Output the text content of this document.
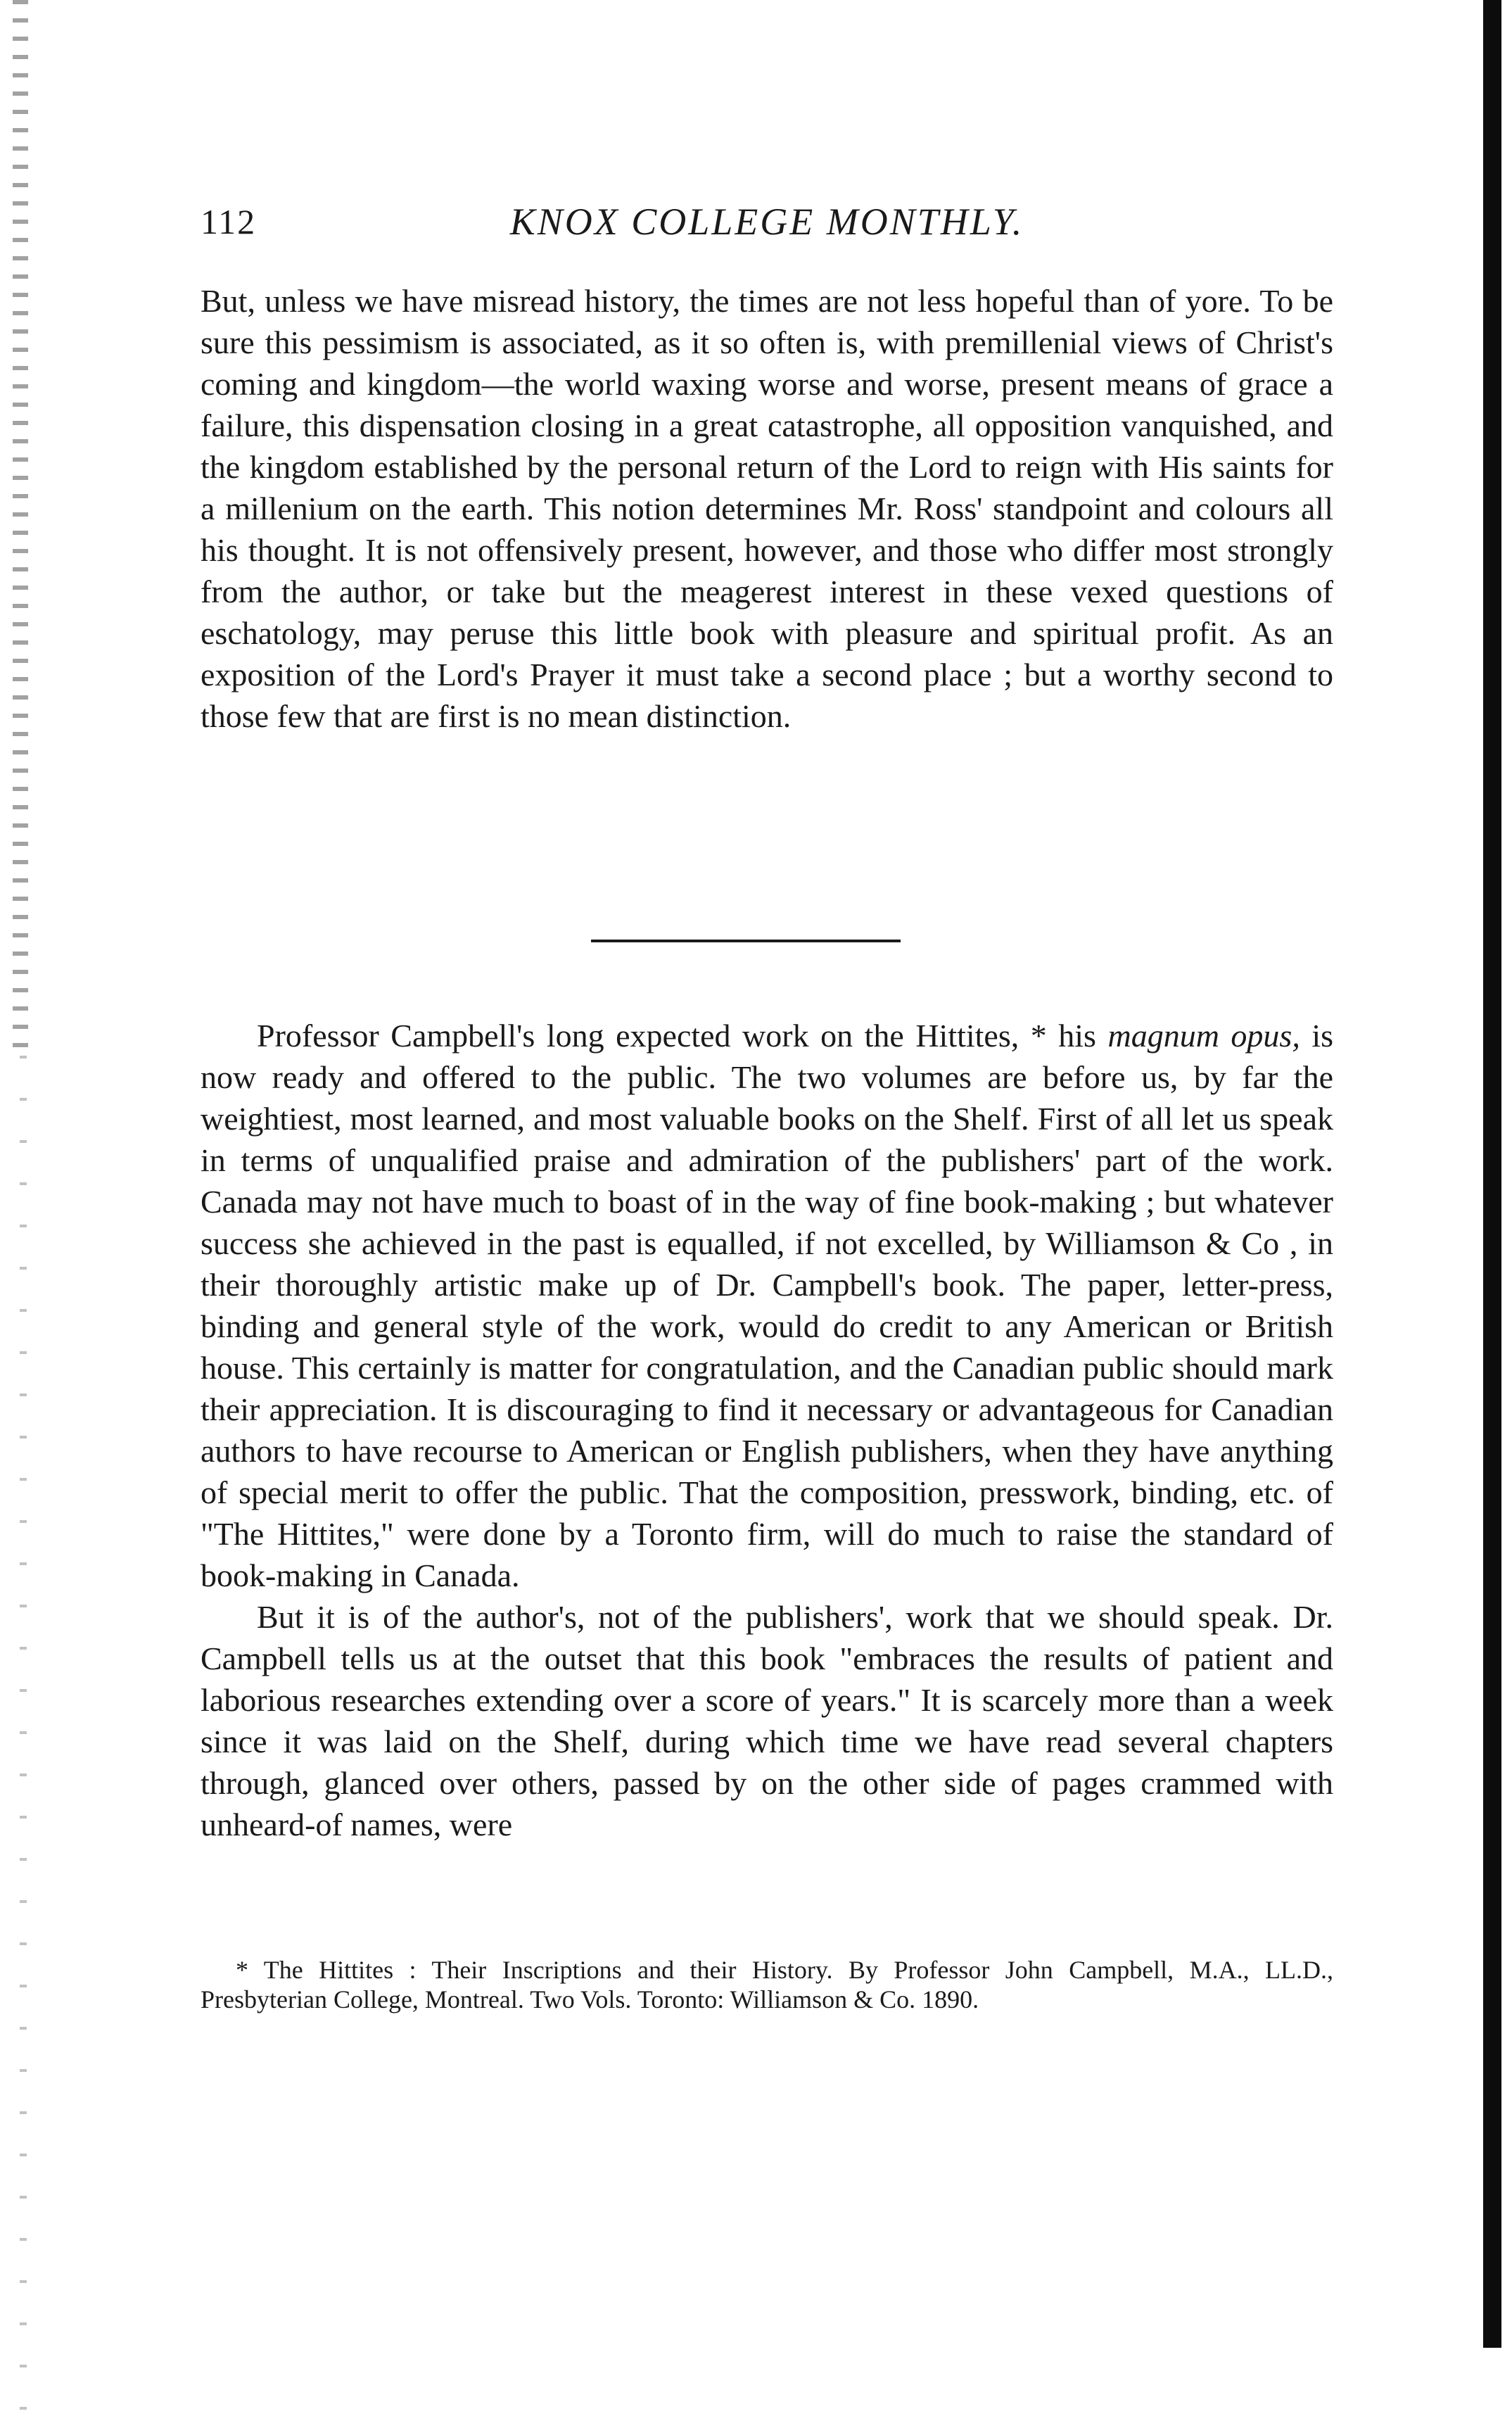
112	KNOX COLLEGE MONTHLY.

But, unless we have misread history, the times are not less hopeful than of yore. To be sure this pessimism is associated, as it so often is, with premillenial views of Christ's coming and kingdom—the world waxing worse and worse, present means of grace a failure, this dispensation closing in a great catastrophe, all opposition vanquished, and the kingdom established by the personal return of the Lord to reign with His saints for a millenium on the earth. This notion determines Mr. Ross' standpoint and colours all his thought. It is not offensively present, however, and those who differ most strongly from the author, or take but the meagerest interest in these vexed questions of eschatology, may peruse this little book with pleasure and spiritual profit. As an exposition of the Lord's Prayer it must take a second place ; but a worthy second to those few that are first is no mean distinction.

Professor Campbell's long expected work on the Hittites, * his magnum opus, is now ready and offered to the public. The two volumes are before us, by far the weightiest, most learned, and most valuable books on the Shelf. First of all let us speak in terms of unqualified praise and admiration of the publishers' part of the work. Canada may not have much to boast of in the way of fine book-making ; but whatever success she achieved in the past is equalled, if not excelled, by Williamson & Co , in their thoroughly artistic make up of Dr. Campbell's book. The paper, letter-press, binding and general style of the work, would do credit to any American or British house. This certainly is matter for congratulation, and the Canadian public should mark their appreciation. It is discouraging to find it necessary or advantageous for Canadian authors to have recourse to American or English publishers, when they have anything of special merit to offer the public. That the composition, presswork, binding, etc. of "The Hittites," were done by a Toronto firm, will do much to raise the standard of book-making in Canada.

But it is of the author's, not of the publishers', work that we should speak. Dr. Campbell tells us at the outset that this book "embraces the results of patient and laborious researches extending over a score of years." It is scarcely more than a week since it was laid on the Shelf, during which time we have read several chapters through, glanced over others, passed by on the other side of pages crammed with unheard-of names, were

* The Hittites : Their Inscriptions and their History. By Professor John Campbell, M.A., LL.D., Presbyterian College, Montreal. Two Vols. Toronto: Williamson & Co. 1890.
